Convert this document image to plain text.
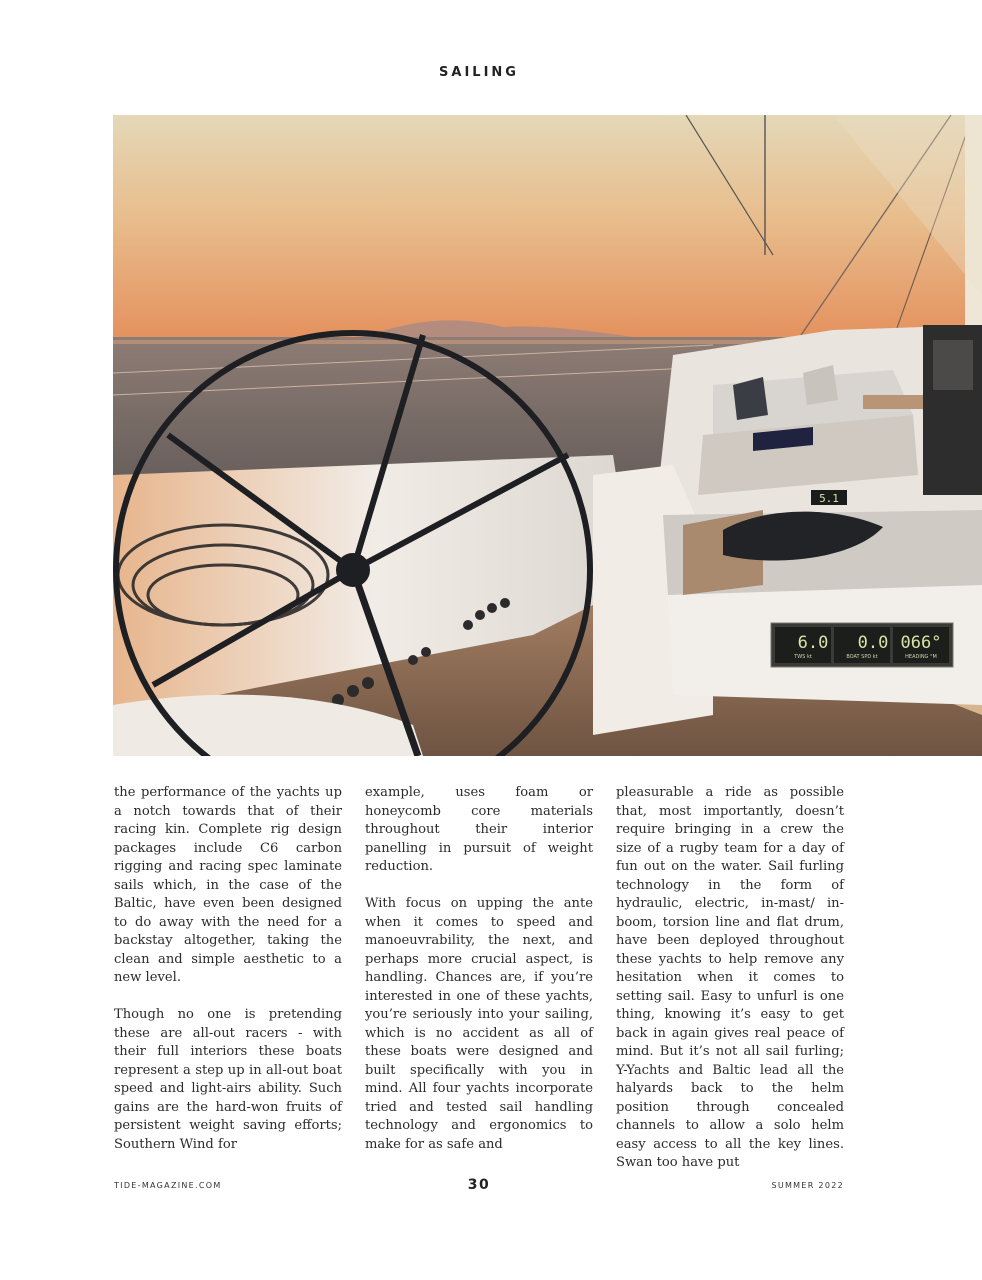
SAILING
5.1
6.0
TWS kt
0.0
BOAT SPD kt
066°
HEADING °M

the performance of the yachts up a notch towards that of their racing kin. Complete rig design packages include C6 carbon rigging and racing spec laminate sails which, in the case of the Baltic, have even been designed to do away with the need for a backstay altogether, taking the clean and simple aesthetic to a new level.

Though no one is pretending these are all-out racers - with their full interiors these boats represent a step up in all-out boat speed and light-airs ability. Such gains are the hard-won fruits of persistent weight saving efforts; Southern Wind for

example, uses foam or honeycomb core materials throughout their interior panelling in pursuit of weight reduction.

With focus on upping the ante when it comes to speed and manoeuvrability, the next, and perhaps more crucial aspect, is handling. Chances are, if you’re interested in one of these yachts, you’re seriously into your sailing, which is no accident as all of these boats were designed and built specifically with you in mind. All four yachts incorporate tried and tested sail handling technology and ergonomics to make for as safe and

pleasurable a ride as possible that, most importantly, doesn’t require bringing in a crew the size of a rugby team for a day of fun out on the water. Sail furling technology in the form of hydraulic, electric, in-mast/ in-boom, torsion line and flat drum, have been deployed throughout these yachts to help remove any hesitation when it comes to setting sail. Easy to unfurl is one thing, knowing it’s easy to get back in again gives real peace of mind. But it’s not all sail furling; Y-Yachts and Baltic lead all the halyards back to the helm position through concealed channels to allow a solo helm easy access to all the key lines. Swan too have put

TIDE-MAGAZINE.COM	30	SUMMER 2022
